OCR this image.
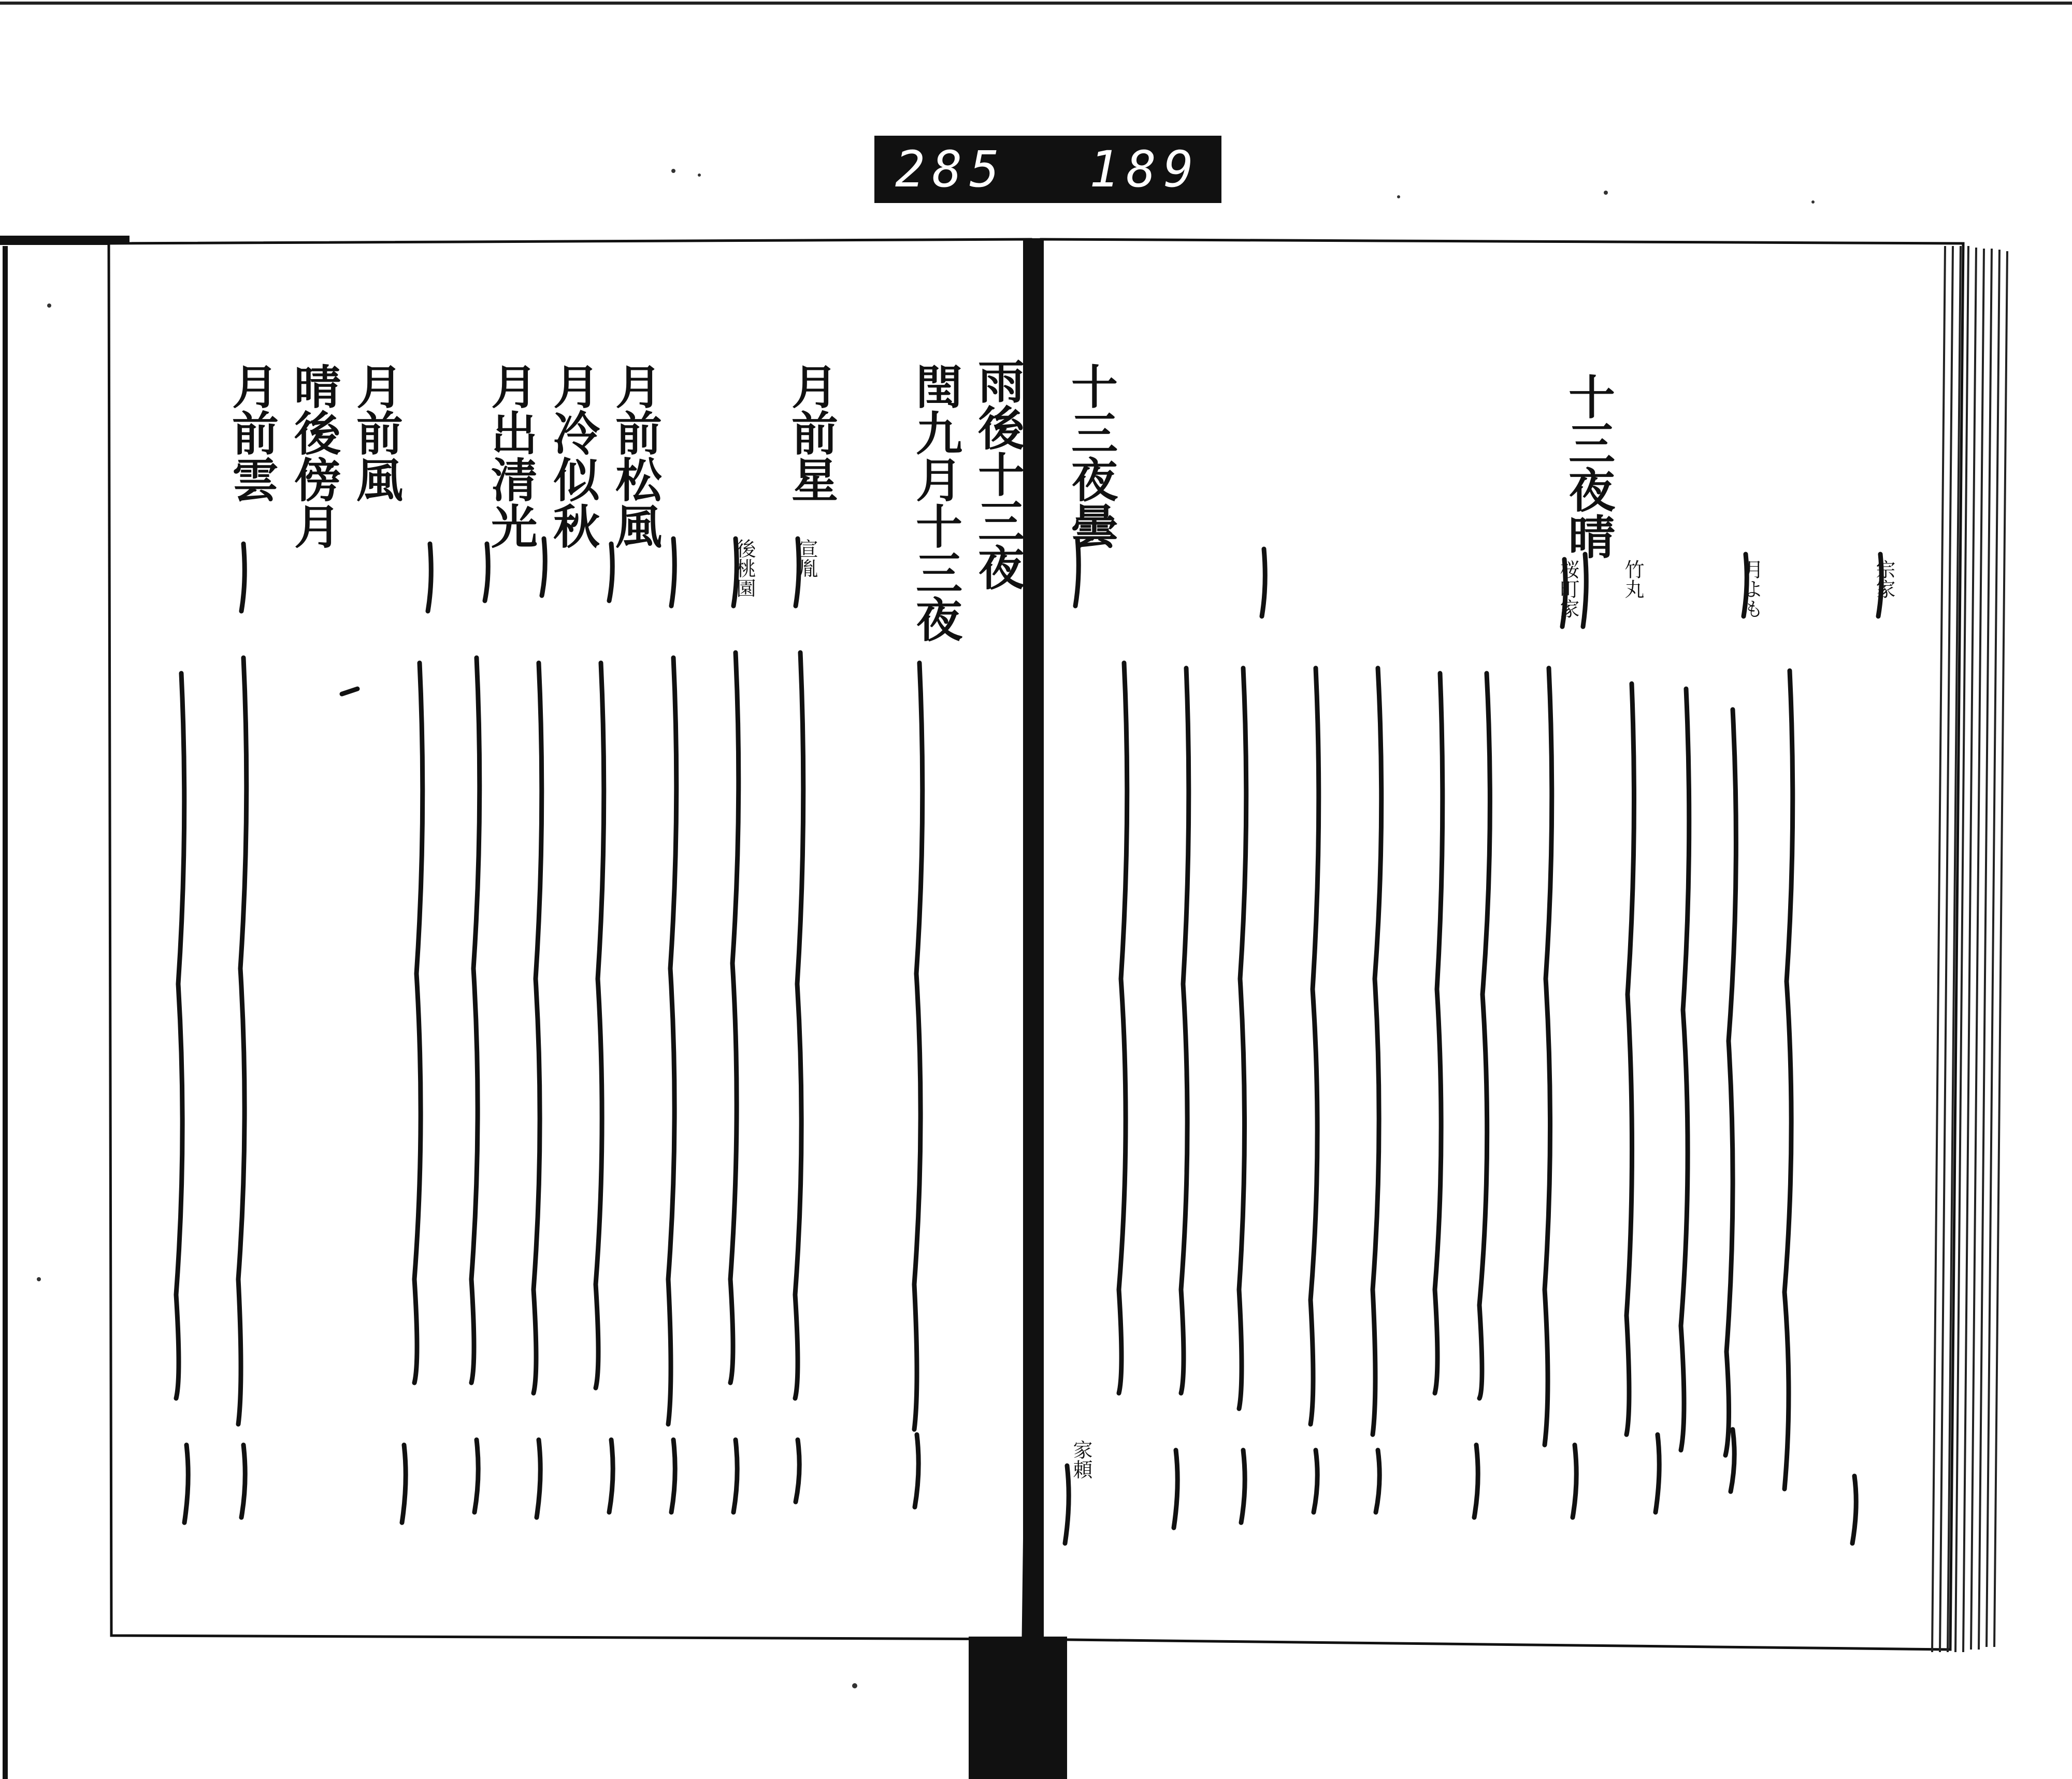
285 189
十三夜晴
十三夜曇
宗家
月よも
竹丸
桜町家
雨後十三夜
閏九月十三夜
月前星
月前松風
月冷似秋
月出清光
月前風
晴後傍月
月前雲
家頼
宣胤
後桃園
